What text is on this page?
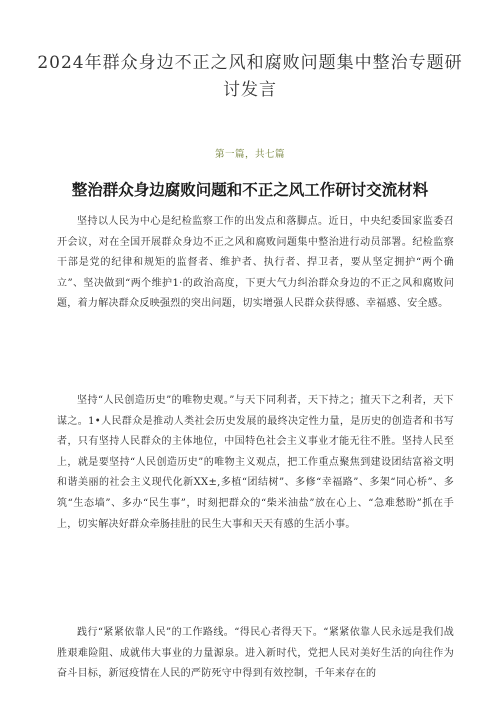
2024年群众身边不正之风和腐败问题集中整治专题研讨发言
第一篇，共七篇
整治群众身边腐败问题和不正之风工作研讨交流材料

坚持以人民为中心是纪检监察工作的出发点和落脚点。近日，中央纪委国家监委召开会议，对在全国开展群众身边不正之风和腐败问题集中整治进行动员部署。纪检监察干部是党的纪律和规矩的监督者、维护者、执行者、捍卫者，要从坚定拥护“两个确立”、坚决做到“两个维护1·的政治高度，下更大气力纠治群众身边的不正之风和腐败问题，着力解决群众反映强烈的突出问题，切实增强人民群众获得感、幸福感、安全感。

坚持“人民创造历史”的唯物史观。”与天下同利者，天下持之；擅天下之利者，天下谋之。1•人民群众是推动人类社会历史发展的最终决定性力量，是历史的创造者和书写者，只有坚持人民群众的主体地位，中国特色社会主义事业才能无往不胜。坚持人民至上，就是要坚持“人民创造历史”的唯物主义观点，把工作重点聚焦到建设团结富裕文明和谐美丽的社会主义现代化新XX±,多植“团结树”、多修“幸福路”、多架“同心桥”、多筑“生态墙”、多办“民生事”，时刻把群众的“柴米油盐”放在心上、“急难愁盼”抓在手上，切实解决好群众牵肠挂肚的民生大事和天天有感的生活小事。

践行“紧紧依靠人民”的工作路线。“得民心者得天下。“紧紧依靠人民永远是我们战胜艰难险阻、成就伟大事业的力量源泉。进入新时代，党把人民对美好生活的向往作为奋斗目标，新冠疫情在人民的严防死守中得到有效控制，千年来存在的
